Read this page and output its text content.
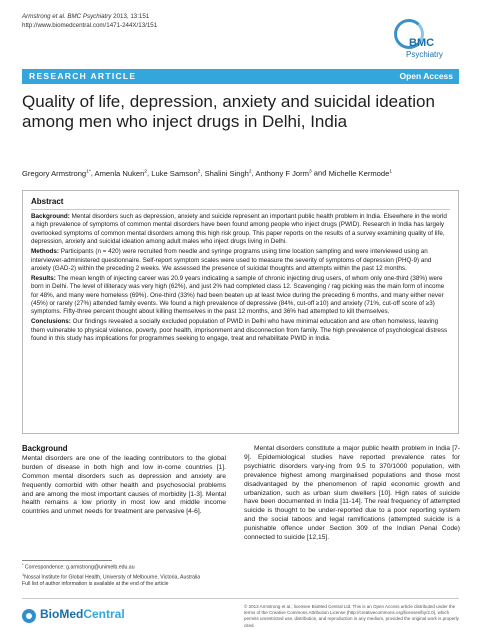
Armstrong et al. BMC Psychiatry 2013, 13:151
http://www.biomedcentral.com/1471-244X/13/151
BMC
Psychiatry
RESEARCH ARTICLE	Open Access
Quality of life, depression, anxiety and suicidal ideation among men who inject drugs in Delhi, India
Gregory Armstrong$^{1*}$, Amenla Nuken$^2$, Luke Samson$^2$, Shalini Singh$^2$, Anthony F Jorm$^3$ and Michelle Kermode$^1$
Abstract

Background: Mental disorders such as depression, anxiety and suicide represent an important public health problem in India. Elsewhere in the world a high prevalence of symptoms of common mental disorders have been found among people who inject drugs (PWID). Research in India has largely overlooked symptoms of common mental disorders among this high risk group. This paper reports on the results of a survey examining quality of life, depression, anxiety and suicidal ideation among adult males who inject drugs living in Delhi.

Methods: Participants (n = 420) were recruited from needle and syringe programs using time location sampling and were interviewed using an interviewer-administered questionnaire. Self-report symptom scales were used to measure the severity of symptoms of depression (PHQ-9) and anxiety (GAD-2) within the preceding 2 weeks. We assessed the presence of suicidal thoughts and attempts within the past 12 months.

Results: The mean length of injecting career was 20.9 years indicating a sample of chronic injecting drug users, of whom only one-third (38%) were born in Delhi. The level of illiteracy was very high (62%), and just 2% had completed class 12. Scavenging / rag picking was the main form of income for 48%, and many were homeless (69%). One-third (33%) had been beaten up at least twice during the preceding 6 months, and many either never (45%) or rarely (27%) attended family events. We found a high prevalence of depressive (84%, cut-off ≥10) and anxiety (71%, cut-off score of ≥3) symptoms. Fifty-three percent thought about killing themselves in the past 12 months, and 36% had attempted to kill themselves.

Conclusions: Our findings revealed a socially excluded population of PWID in Delhi who have minimal education and are often homeless, leaving them vulnerable to physical violence, poverty, poor health, imprisonment and disconnection from family. The high prevalence of psychological distress found in this study has implications for programmes seeking to engage, treat and rehabilitate PWID in India.

Background
Mental disorders are one of the leading contributors to the global burden of disease in both high and low in-come countries [1]. Common mental disorders such as depression and anxiety are frequently comorbid with other health and psychosocial problems and are among the most important causes of morbidity [1-3]. Mental health remains a low priority in most low and middle income countries and unmet needs for treatment are pervasive [4-6].

Mental disorders constitute a major public health problem in India [7-9]. Epidemiological studies have reported prevalence rates for psychiatric disorders vary-ing from 9.5 to 370/1000 population, with prevalence highest among marginalised populations and those most disadvantaged by the phenomenon of rapid economic growth and urbanization, such as urban slum dwellers [10]. High rates of suicide have been documented in India [11-14]. The real frequency of attempted suicide is thought to be under-reported due to a poor reporting system and the social taboos and legal ramifications (attempted suicide is a punishable offence under Section 309 of the Indian Penal Code) connected to suicide [12,15].

* Correspondence: g.armstrong@unimelb.edu.au
$^1$Nossal Institute for Global Health, University of Melbourne, Victoria, Australia
Full list of author information is available at the end of the article
BioMedCentral
© 2013 Armstrong et al.; licensee BioMed Central Ltd. This is an Open Access article distributed under the terms of the Creative Commons Attribution License (http://creativecommons.org/licenses/by/2.0), which permits unrestricted use, distribution, and reproduction in any medium, provided the original work is properly cited.
